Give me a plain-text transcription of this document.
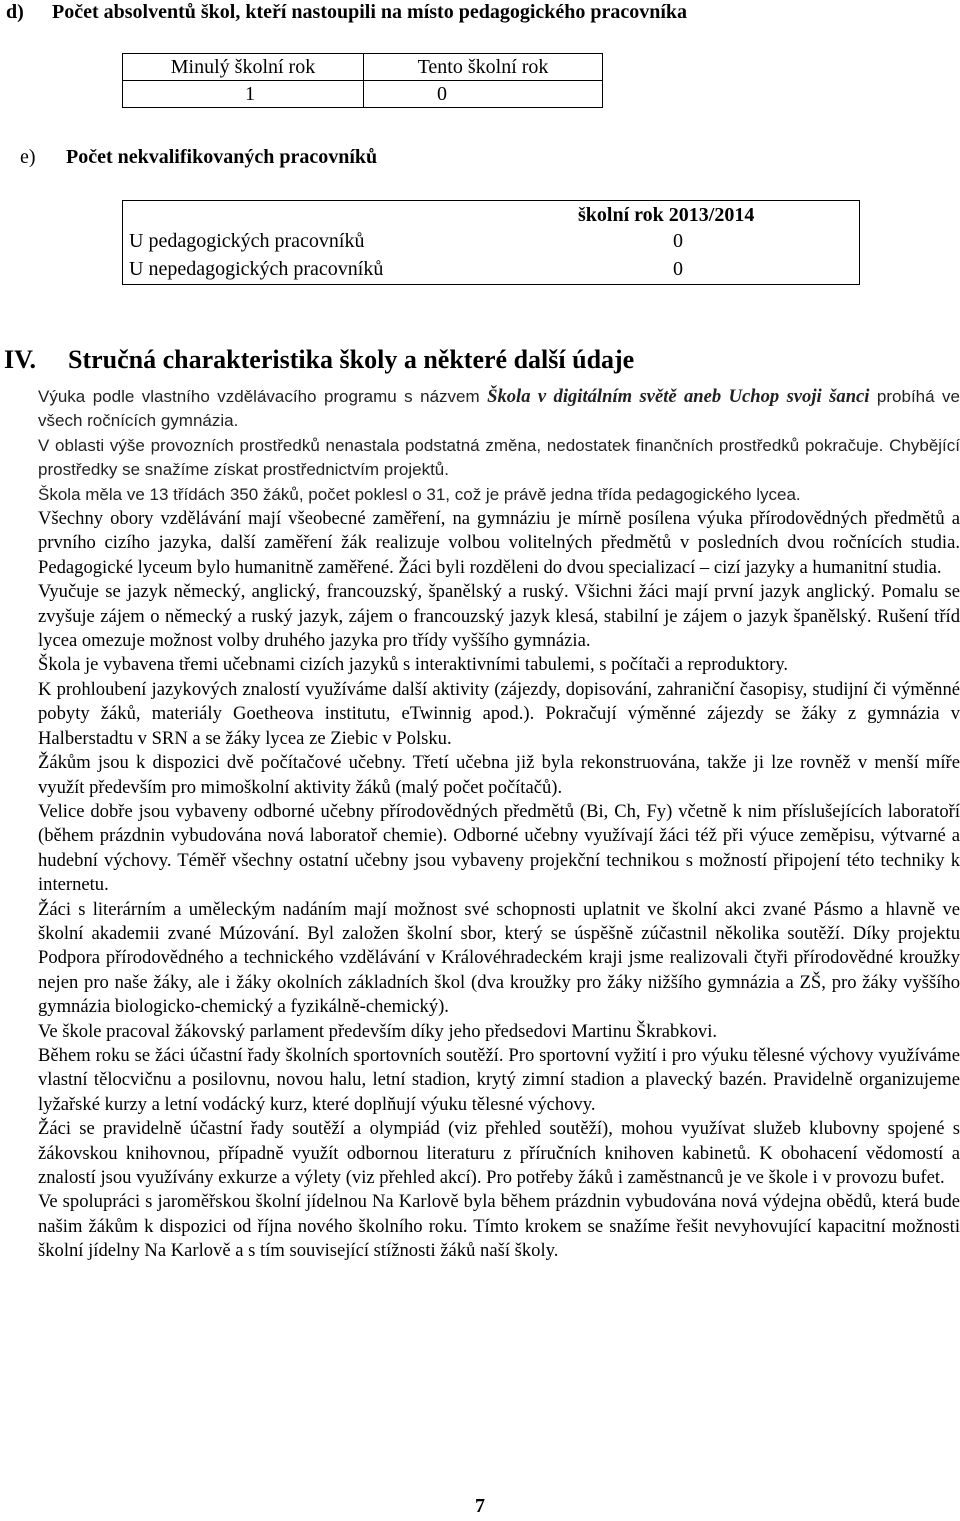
d) Počet absolventů škol, kteří nastoupili na místo pedagogického pracovníka
Minulý školní rok	Tento školní rok
1	0
e) Počet nekvalifikovaných pracovníků
školní rok 2013/2014
U pedagogických pracovníků	0
U nepedagogických pracovníků	0
IV. Stručná charakteristika školy a některé další údaje

Výuka podle vlastního vzdělávacího programu s názvem Škola v digitálním světě aneb Uchop svoji šanci probíhá ve všech ročnících gymnázia.

V oblasti výše provozních prostředků nenastala podstatná změna, nedostatek finančních prostředků pokračuje. Chybějící prostředky se snažíme získat prostřednictvím projektů.

Škola měla ve 13 třídách 350 žáků, počet poklesl o 31, což je právě jedna třída pedagogického lycea.

Všechny obory vzdělávání mají všeobecné zaměření, na gymnáziu je mírně posílena výuka přírodovědných předmětů a prvního cizího jazyka, další zaměření žák realizuje volbou volitelných předmětů v posledních dvou ročnících studia. Pedagogické lyceum bylo humanitně zaměřené. Žáci byli rozděleni do dvou specializací – cizí jazyky a humanitní studia.

Vyučuje se jazyk německý, anglický, francouzský, španělský a ruský. Všichni žáci mají první jazyk anglický. Pomalu se zvyšuje zájem o německý a ruský jazyk, zájem o francouzský jazyk klesá, stabilní je zájem o jazyk španělský. Rušení tříd lycea omezuje možnost volby druhého jazyka pro třídy vyššího gymnázia.

Škola je vybavena třemi učebnami cizích jazyků s interaktivními tabulemi, s počítači a reproduktory.

K prohloubení jazykových znalostí využíváme další aktivity (zájezdy, dopisování, zahraniční časopisy, studijní či výměnné pobyty žáků, materiály Goetheova institutu, eTwinnig apod.). Pokračují výměnné zájezdy se žáky z gymnázia v Halberstadtu v SRN a se žáky lycea ze Ziebic v Polsku.

Žákům jsou k dispozici dvě počítačové učebny. Třetí učebna již byla rekonstruována, takže ji lze rovněž v menší míře využít především pro mimoškolní aktivity žáků (malý počet počítačů).

Velice dobře jsou vybaveny odborné učebny přírodovědných předmětů (Bi, Ch, Fy) včetně k nim příslušejících laboratoří (během prázdnin vybudována nová laboratoř chemie). Odborné učebny využívají žáci též při výuce zeměpisu, výtvarné a hudební výchovy. Téměř všechny ostatní učebny jsou vybaveny projekční technikou s možností připojení této techniky k internetu.

Žáci s literárním a uměleckým nadáním mají možnost své schopnosti uplatnit ve školní akci zvané Pásmo a hlavně ve školní akademii zvané Múzování. Byl založen školní sbor, který se úspěšně zúčastnil několika soutěží. Díky projektu Podpora přírodovědného a technického vzdělávání v Královéhradeckém kraji jsme realizovali čtyři přírodovědné kroužky nejen pro naše žáky, ale i žáky okolních základních škol (dva kroužky pro žáky nižšího gymnázia a ZŠ, pro žáky vyššího gymnázia biologicko-chemický a fyzikálně-chemický).

Ve škole pracoval žákovský parlament především díky jeho předsedovi Martinu Škrabkovi.

Během roku se žáci účastní řady školních sportovních soutěží. Pro sportovní vyžití i pro výuku tělesné výchovy využíváme vlastní tělocvičnu a posilovnu, novou halu, letní stadion, krytý zimní stadion a plavecký bazén. Pravidelně organizujeme lyžařské kurzy a letní vodácký kurz, které doplňují výuku tělesné výchovy.

Žáci se pravidelně účastní řady soutěží a olympiád (viz přehled soutěží), mohou využívat služeb klubovny spojené s žákovskou knihovnou, případně využít odbornou literaturu z příručních knihoven kabinetů. K obohacení vědomostí a znalostí jsou využívány exkurze a výlety (viz přehled akcí). Pro potřeby žáků i zaměstnanců je ve škole i v provozu bufet.

Ve spolupráci s jaroměřskou školní jídelnou Na Karlově byla během prázdnin vybudována nová výdejna obědů, která bude našim žákům k dispozici od října nového školního roku. Tímto krokem se snažíme řešit nevyhovující kapacitní možnosti školní jídelny Na Karlově a s tím související stížnosti žáků naší školy.

7
